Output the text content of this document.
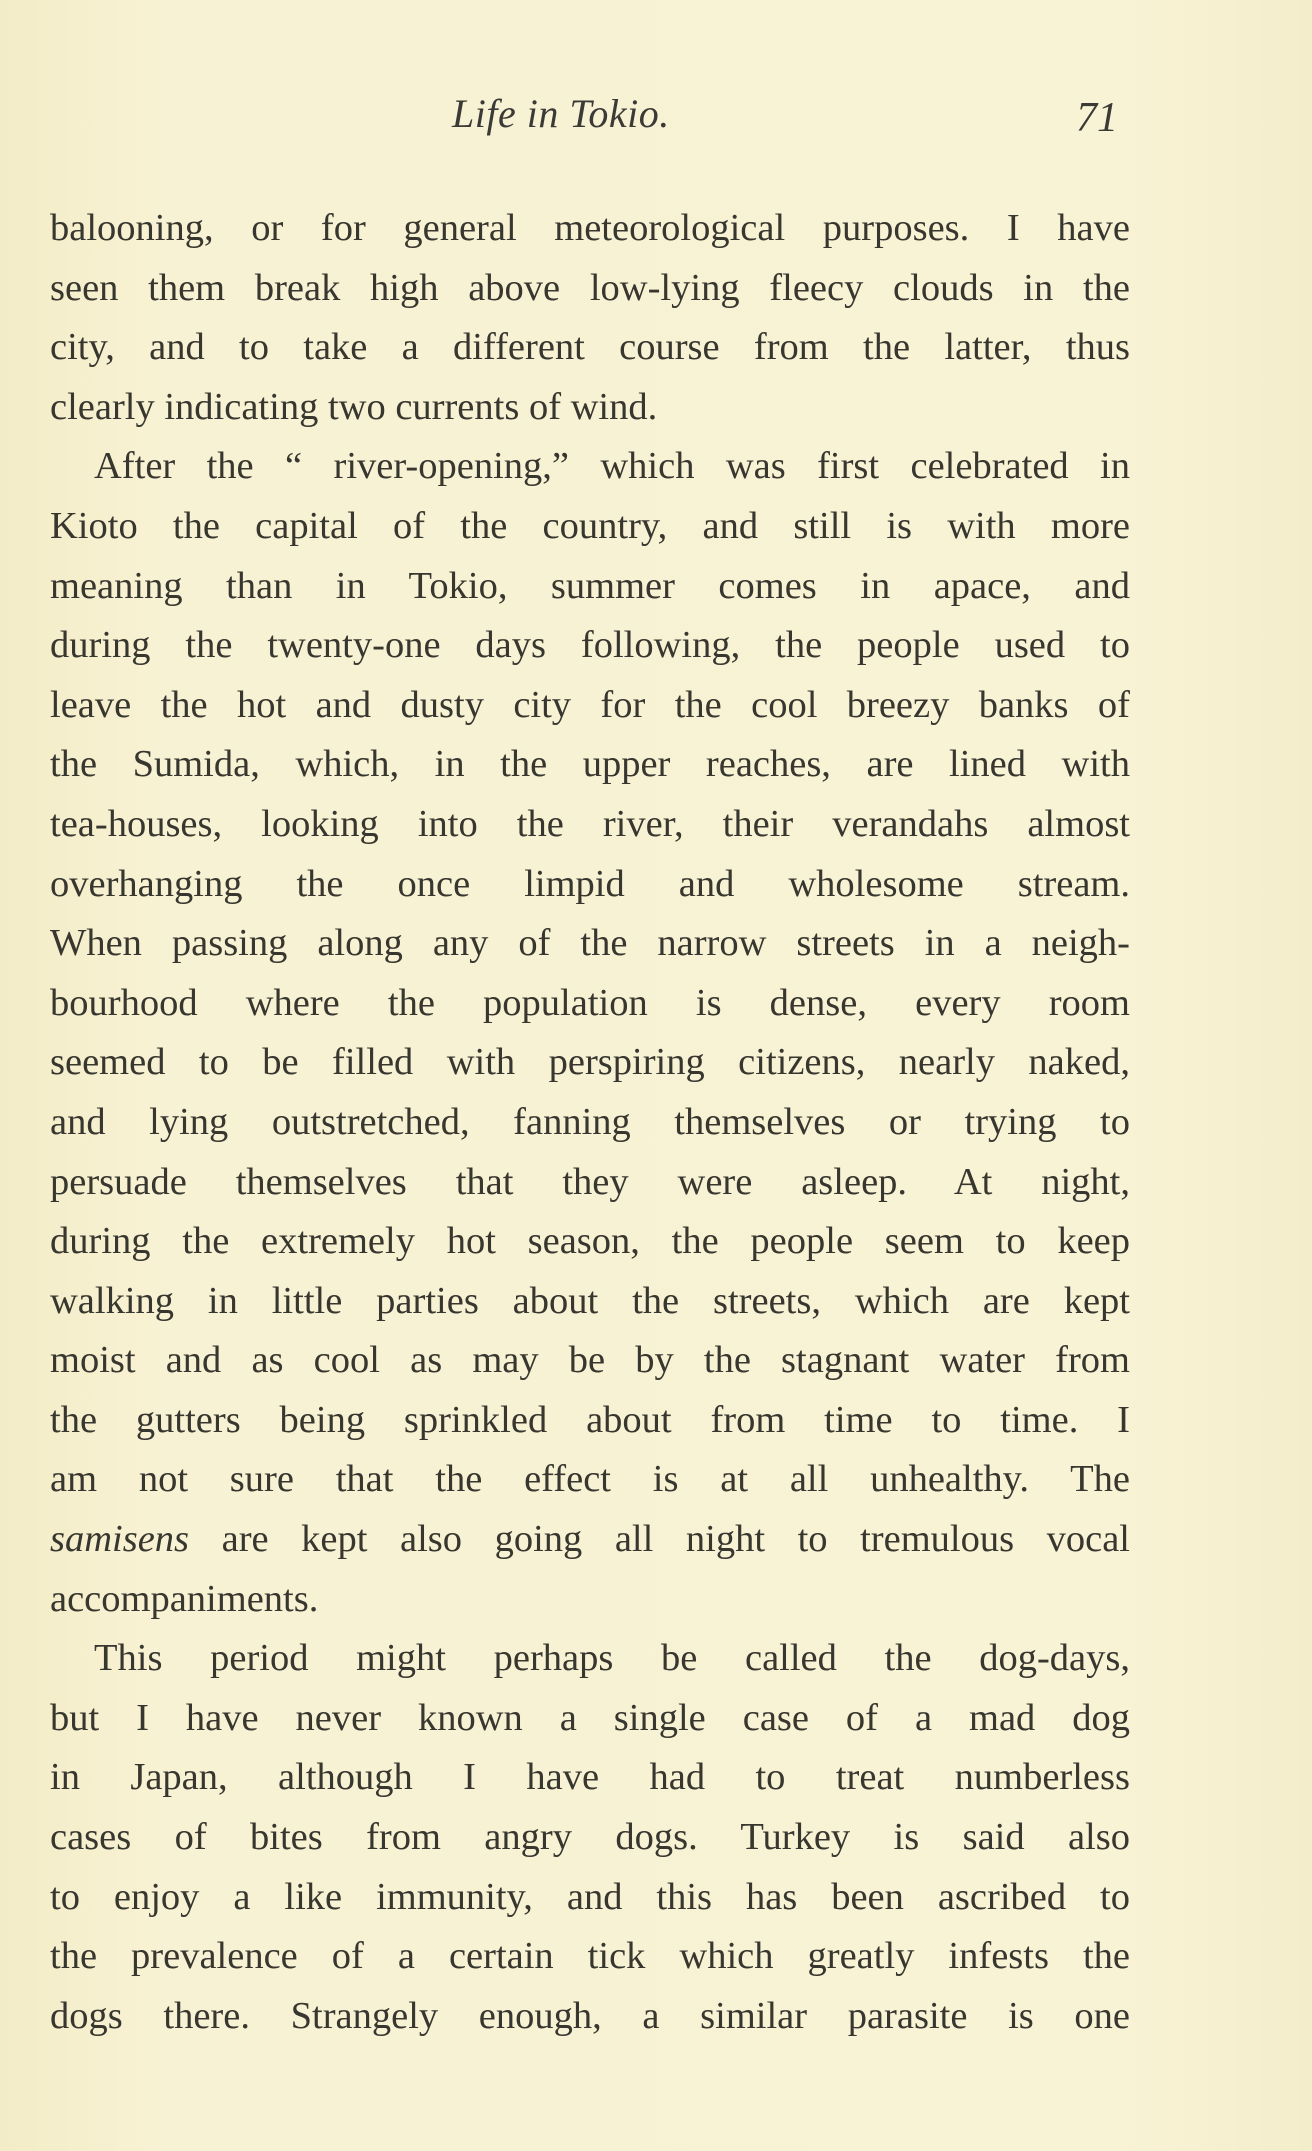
Life in Tokio.	71
balooning, or for general meteorological purposes. I have
seen them break high above low-lying fleecy clouds in the
city, and to take a different course from the latter, thus
clearly indicating two currents of wind.
After the “ river-opening,” which was first celebrated in
Kioto the capital of the country, and still is with more
meaning than in Tokio, summer comes in apace, and
during the twenty-one days following, the people used to
leave the hot and dusty city for the cool breezy banks of
the Sumida, which, in the upper reaches, are lined with
tea-houses, looking into the river, their verandahs almost
overhanging the once limpid and wholesome stream.
When passing along any of the narrow streets in a neigh-
bourhood where the population is dense, every room
seemed to be filled with perspiring citizens, nearly naked,
and lying outstretched, fanning themselves or trying to
persuade themselves that they were asleep. At night,
during the extremely hot season, the people seem to keep
walking in little parties about the streets, which are kept
moist and as cool as may be by the stagnant water from
the gutters being sprinkled about from time to time. I
am not sure that the effect is at all unhealthy. The
samisens are kept also going all night to tremulous vocal
accompaniments.
This period might perhaps be called the dog-days,
but I have never known a single case of a mad dog
in Japan, although I have had to treat numberless
cases of bites from angry dogs. Turkey is said also
to enjoy a like immunity, and this has been ascribed to
the prevalence of a certain tick which greatly infests the
dogs there. Strangely enough, a similar parasite is one
